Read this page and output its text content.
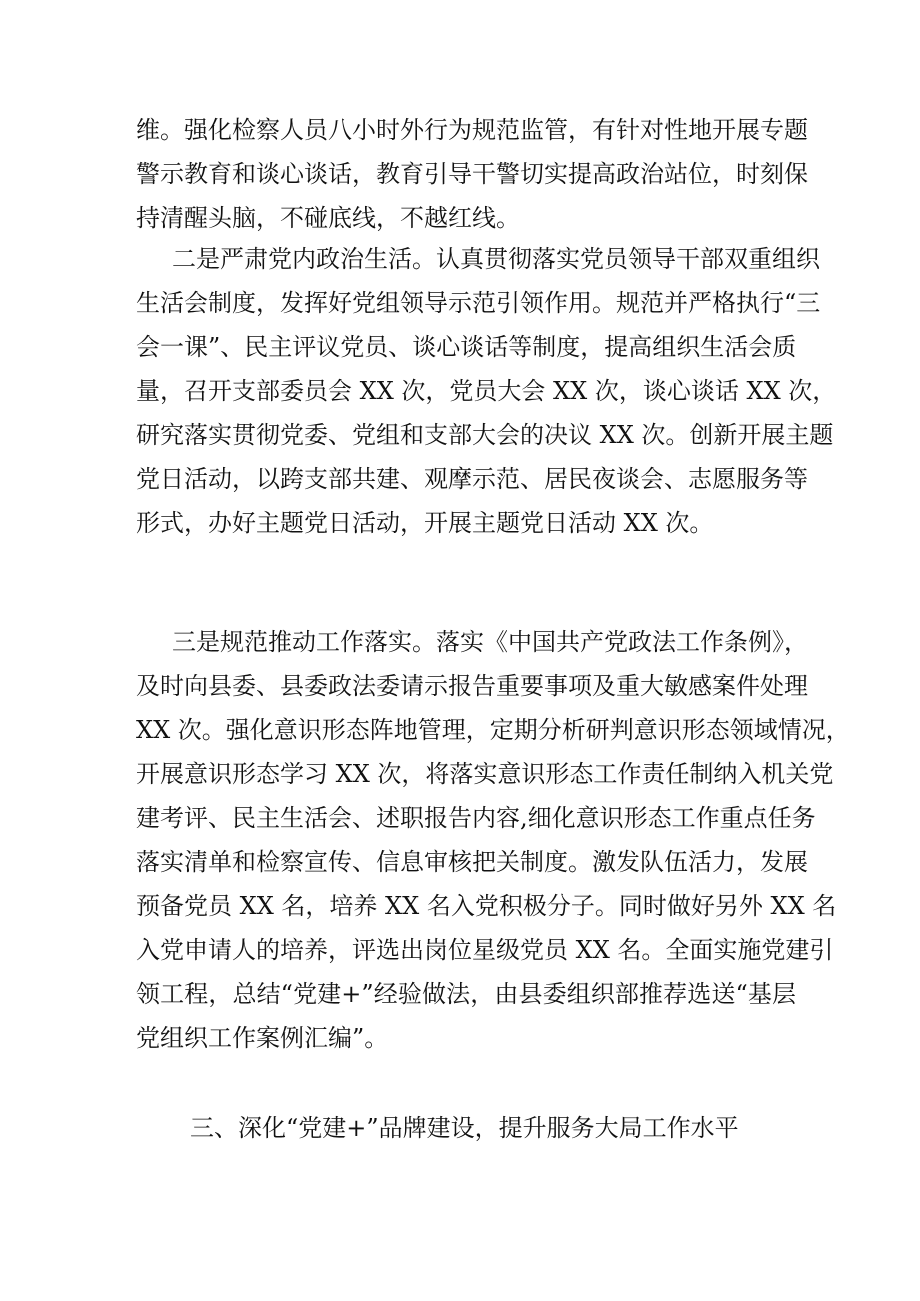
维。强化检察人员八小时外行为规范监管，有针对性地开展专题
警示教育和谈心谈话，教育引导干警切实提高政治站位，时刻保
持清醒头脑，不碰底线，不越红线。

二是严肃党内政治生活。认真贯彻落实党员领导干部双重组织
生活会制度，发挥好党组领导示范引领作用。规范并严格执行“三
会一课”、民主评议党员、谈心谈话等制度，提高组织生活会质
量，召开支部委员会 XX 次，党员大会 XX 次，谈心谈话 XX 次，
研究落实贯彻党委、党组和支部大会的决议 XX 次。创新开展主题
党日活动，以跨支部共建、观摩示范、居民夜谈会、志愿服务等
形式，办好主题党日活动，开展主题党日活动 XX 次。

三是规范推动工作落实。落实《中国共产党政法工作条例》，
及时向县委、县委政法委请示报告重要事项及重大敏感案件处理
XX 次。强化意识形态阵地管理，定期分析研判意识形态领域情况，
开展意识形态学习 XX 次，将落实意识形态工作责任制纳入机关党
建考评、民主生活会、述职报告内容,细化意识形态工作重点任务
落实清单和检察宣传、信息审核把关制度。激发队伍活力，发展
预备党员 XX 名，培养 XX 名入党积极分子。同时做好另外 XX 名
入党申请人的培养，评选出岗位星级党员 XX 名。全面实施党建引
领工程，总结“党建+”经验做法，由县委组织部推荐选送“基层
党组织工作案例汇编”。

三、深化“党建+”品牌建设，提升服务大局工作水平
